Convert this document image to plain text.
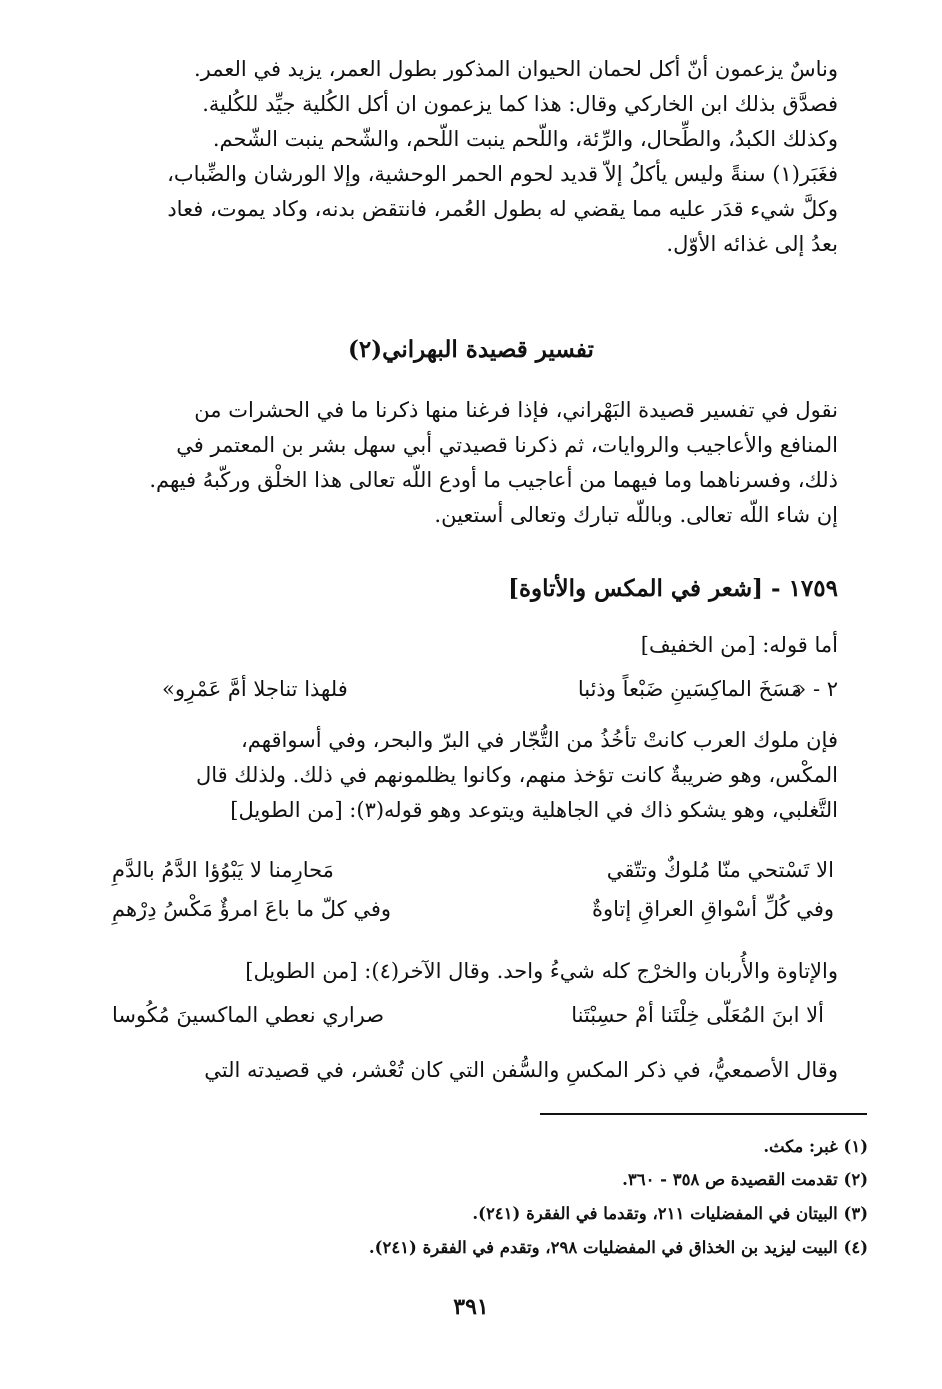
وناسٌ يزعمون أنّ أكل لحمان الحيوان المذكور بطول العمر، يزيد في العمر.
فصدَّق بذلك ابن الخاركي وقال: هذا كما يزعمون ان أكل الكُلية جيِّد للكُلية.
وكذلك الكبدُ، والطِّحال، والرِّئة، واللّحم ينبت اللّحم، والشّحم ينبت الشّحم.
فغَبَر(١) سنةً وليس يأكلُ إلاّ قديد لحوم الحمر الوحشية، وإلا الورشان والضِّباب،
وكلَّ شيء قدَر عليه مما يقضي له بطول العُمر، فانتقض بدنه، وكاد يموت، فعاد
بعدُ إلى غذائه الأوّل.
تفسير قصيدة البهراني(٢)
نقول في تفسير قصيدة البَهْراني، فإذا فرغنا منها ذكرنا ما في الحشرات من
المنافع والأعاجيب والروايات، ثم ذكرنا قصيدتي أبي سهل بشر بن المعتمر في
ذلك، وفسرناهما وما فيهما من أعاجيب ما أودع اللّه تعالى هذا الخلْق وركّبهُ فيهم.
إن شاء اللّه تعالى. وباللّه تبارك وتعالى أستعين.
١٧٥٩ - [شعر في المكس والأتاوة]
أما قوله: [من الخفيف]
٢ - «
مَسَخَ الماكِسَينِ ضَبْعاً وذئبا
فلهذا تناجلا أمَّ عَمْرِو»
فإن ملوك العرب كانتْ تأخُذُ من التُّجّار في البرّ والبحر، وفي أسواقهم،
المكْس، وهو ضريبةٌ كانت تؤخذ منهم، وكانوا يظلمونهم في ذلك. ولذلك قال
التَّغلبي، وهو يشكو ذاك في الجاهلية ويتوعد وهو قوله(٣): [من الطويل]
الا تَسْتحي منّا مُلوكٌ وتتّقي
مَحارِمنا لا يَبْوُؤا الدَّمُ بالدَّمِ
وفي كُلِّ أسْواقِ العراقِ إتاوةٌ
وفي كلّ ما باعَ امرؤٌ مَكْسُ دِرْهمِ
والإتاوة والأُربان والخرْج كله شيءُ واحد. وقال الآخر(٤): [من الطويل]
ألا ابنَ المُعَلّى خِلْتَنا أمْ حسِبْتَنا
صراري نعطي الماكسينَ مُكُوسا
وقال الأصمعيُّ، في ذكر المكسِ والسُّفن التي كان تُعْشر، في قصيدته التي
(١) غبر: مكث.
(٢) تقدمت القصيدة ص ٣٥٨ - ٣٦٠.
(٣) البيتان في المفضليات ٢١١، وتقدما في الفقرة (٢٤١).
(٤) البيت ليزيد بن الخذاق في المفضليات ٢٩٨، وتقدم في الفقرة (٢٤١).
٣٩١
